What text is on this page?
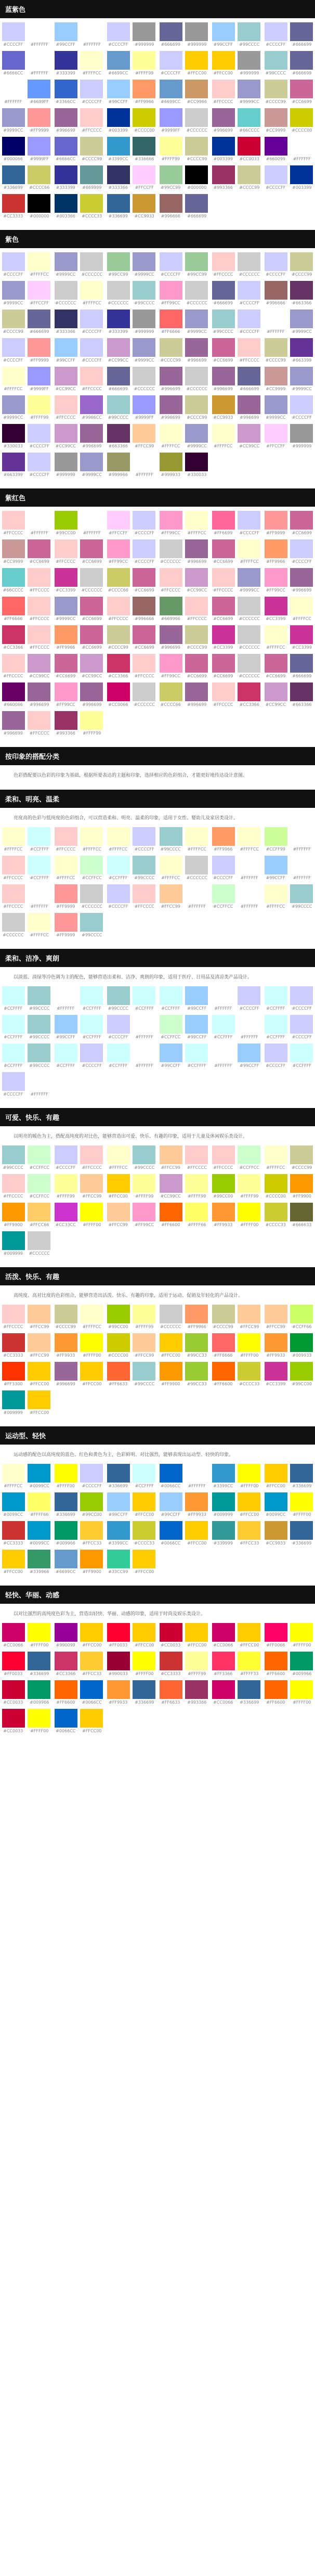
蓝紫色
#CCCCFF	#FFFFFF	#99CCFF	#FFFFFF	#CCCCFF	#999999	#666699	#999999	#99CCFF	#99CCCC	#CCCCFF	#666699
#6666CC	#FFFFFF	#333399	#FFFFCC	#6699CC	#FFFF99	#CCCCFF	#FFCC00	#FFCC00	#999999	#99CCCC	#666699
#FFFFFF	#6699FF	#3366CC	#CCCCFF	#99CCFF	#FF9966	#6699CC	#CC9966	#FFCCCC	#9999CC	#CCCC99	#CC6699
#9999CC	#FF9999	#996699	#FFCCCC	#003399	#CCCC00	#9999FF	#CCCCCC	#996699	#66CCCC	#CC9999	#CCCC00
#000066	#9999FF	#6666CC	#CCCC99	#3399CC	#336666	#FFFF99	#CCCC99	#003399	#CC0033	#660099	#FFFFFF
#336699	#CCCC66	#333399	#669999	#333366	#FFCCFF	#99CC99	#000000	#993366	#CCCC99	#CCCCFF	#003399
#CC3333	#000000	#003366	#CCCC33	#336699	#CC9933	#996666	#666699
紫色
#CCCCFF	#FFFFCC	#9999CC	#CCCCCC	#99CC99	#9999CC	#CCCCFF	#99CC99	#FFCCCC	#CCCCCC	#CCCCFF	#CCCC99
#9999CC	#FFCCFF	#CCCCCC	#FFFFCC	#CCCCCC	#99CCCC	#FF99CC	#CCCCCC	#666699	#CCCCFF	#996666	#663366
#CCCC99	#666699	#333366	#CCCCFF	#333399	#999999	#FF6666	#9999CC	#99CCCC	#CCCCFF	#FFFFFF	#9999CC
#CCCCFF	#FF9999	#99CCFF	#CCCCFF	#CC99CC	#9999CC	#CCCC99	#996699	#CC6699	#FFCCCC	#CCCC99	#663399
#FFFFCC	#9999FF	#CC99CC	#FFCCCC	#666699	#CCCCCC	#996699	#CCCCCC	#996699	#666699	#CC9999	#9999CC
#9999CC	#FFFF99	#FFCCCC	#9966CC	#99CCCC	#9999FF	#996699	#CCCC99	#CC9933	#996699	#9999CC	#CCCCFF
#330033	#CCCCFF	#CC99CC	#996699	#663366	#FFCC99	#FFFFCC	#9999CC	#FFFFCC	#CC99CC	#FFCCFF	#999999
#663399	#CCCCFF	#999999	#9999CC	#999966	#FFFFFF	#999933	#330033
紫红色
#FFCCCC	#FFFFFF	#99CC00	#FFFFFF	#FFCCFF	#CCCCFF	#FF99CC	#FFFFCC	#FF6699	#CCCCFF	#FF9999	#CC6699
#CC9999	#CC6699	#FFCCCC	#CC6699	#FF99CC	#CCCCFF	#CCCCCC	#996699	#CC6699	#FFFFCC	#FF9966	#CCCCFF
#66CCCC	#FFCCCC	#CC3399	#CCCCCC	#CCCC66	#CC6699	#FFCCCC	#CC99CC	#FFCCCC	#9999CC	#FF99CC	#996699
#FF6666	#FFCCCC	#9999CC	#CC6699	#FFCCCC	#996666	#669966	#FFCCCC	#CC6699	#CCCCCC	#CC3399	#FFFFCC
#CC3366	#FFCCCC	#FF9966	#CC6699	#CCCC99	#CC6699	#996699	#CCCC99	#CC3399	#CCCCCC	#FFFFCC	#CC3399
#FFCCCC	#CC99CC	#CC6699	#CC99CC	#CC3366	#FFCCCC	#FF99CC	#CC6699	#CC6699	#CCCCCC	#CC6699	#666699
#660066	#996699	#FF99CC	#996699	#CC0066	#CCCCCC	#CCCC66	#996699	#FFCCCC	#CC3366	#CC99CC	#663366
#996699	#FFCCCC	#993366	#FFFF99
按印象的搭配分类
色彩搭配要以色彩的印象为基础，根据所要表达的主题和印象，选择相应的色彩组合，才能更好地传达设计意图。
柔和、明亮、温柔
亮度高的色彩与低纯度的色彩组合，可以营造柔和、明亮、温柔的印象，适用于女性、婴幼儿及家居类设计。
#FFFFCC	#CCFFFF	#FFCCCC	#FFFFCC	#FFFFCC	#CCCCFF	#99CCCC	#FFFFCC	#FF9966	#FFFFCC	#CCFF99	#FFFFFF
#FFCCCC	#CCFFFF	#FFFFCC	#CCFFCC	#CCFFFF	#99CCCC	#FFFFCC	#CCCCCC	#CCCCFF	#FFFFFF	#99CCFF	#FFFFFF
#FFCCCC	#FFFFFF	#FF9999	#CCCCCC	#CCCCFF	#FFCCCC	#FFCC99	#FFFFFF	#CCFFCC	#FFFFFF	#FFFFCC	#99CCCC
#CCCCCC	#FFFFCC	#FF9999	#99CCCC
柔和、洁净、爽朗
以淡蓝、淡绿等冷色调为主的配色，能够营造出柔和、洁净、爽朗的印象，适用于医疗、日用品及清凉类产品设计。
#CCFFFF	#99CCCC	#FFFFFF	#CCFFFF	#99CCCC	#CCFFFF	#CCFFFF	#99CCFF	#FFFFFF	#CCCCFF	#CCFFFF	#CCCCFF
#CCFFFF	#99CCCC	#99CCFF	#CCFFFF	#CCCCFF	#FFFFFF	#CCFFCC	#99CCFF	#CCFFFF	#FFFFFF	#CCFFFF	#CCCCFF
#CCFFFF	#99CCCC	#CCFFFF	#CCCCFF	#CCFFFF	#FFFFFF	#99CCFF	#CCFFFF	#FFFFFF	#99CCFF	#CCCCFF	#CCFFFF
#CCCCFF	#FFFFFF
可爱、快乐、有趣
以明亮的暖色为主，搭配高纯度的对比色，能够营造出可爱、快乐、有趣的印象，适用于儿童及休闲娱乐类设计。
#99CCCC	#CCFFCC	#CCCCFF	#FFCCCC	#FFFFCC	#99CCCC	#FFCC99	#FFCCCC	#FFCCCC	#CCFFCC	#FFFFCC	#CCCC99
#FFCCCC	#CCFFCC	#FFFF99	#FFCC99	#FFCC00	#FFFF99	#CC99CC	#FFFF99	#99CC00	#FFFF99	#CCCC00	#FF9900
#FF9900	#FFCC66	#CC33CC	#FFFF00	#FFCC99	#FF99CC	#FF6600	#FFFF66	#FF9933	#FFFF00	#CCCC33	#666633
#009999	#CCCCCC
活泼、快乐、有趣
高纯度、高对比度的色彩组合，能够营造出活泼、快乐、有趣的印象，适用于运动、促销及年轻化的产品设计。
#FFCCCC	#FFCC99	#CCCC99	#FFFFCC	#99CC00	#FFFF99	#CCCCCC	#FF9966	#CCCC99	#FFCC99	#FFCC99	#CCFF66
#CC3333	#FFCC99	#FF9933	#FFFF00	#CCCC00	#FFCC99	#FFCC00	#99CC33	#FF6666	#FFFF00	#FF9933	#009933
#FF3300	#FFCC00	#996699	#FFCC00	#FF6633	#99CCCC	#FF9900	#99CC33	#FF6600	#CCCC33	#CC3399	#99CC00
#009999	#FFCC00
运动型、轻快
运动感的配色以高纯度的蓝色、红色和黄色为主，色彩鲜明、对比强烈，能够表现出运动型、轻快的印象。
#FFFFCC	#0099CC	#FFFF00	#CCCCFF	#336699	#CCFFFF	#0066CC	#FFFFFF	#3399CC	#FFFF00	#FFCC00	#336699
#0099CC	#FFFF66	#336699	#99CC00	#99CCFF	#FFCC00	#99CCFF	#FF9933	#009999	#FFCC00	#0099CC	#FFFF00
#CC3333	#0099CC	#009966	#FFCC33	#3399CC	#CCCC33	#0066CC	#FFCC00	#339999	#FFCC33	#CC9933	#336699
#FFCC00	#339966	#6699CC	#FF9900	#33CC99	#FFCC00
轻快、华丽、动感
以对比强烈的高纯度色彩为主，营造出轻快、华丽、动感的印象，适用于时尚及娱乐类设计。
#CC0066	#FFFF00	#990099	#FFCC00	#FF0033	#FFCC00	#CC0033	#FFCC00	#CC0066	#FFCC00	#FF0066	#FFFF00
#FF0033	#336699	#CC3366	#FFCC33	#990033	#FFFF00	#CC3333	#FFFF99	#FF3366	#FFFF33	#FF6600	#009966
#CC0033	#009966	#FF6600	#0066CC	#FF9933	#336699	#FF6633	#993366	#CC0066	#336699	#FF6600	#FFFF00
#CC0033	#FFFF00	#0066CC	#FFCC00
